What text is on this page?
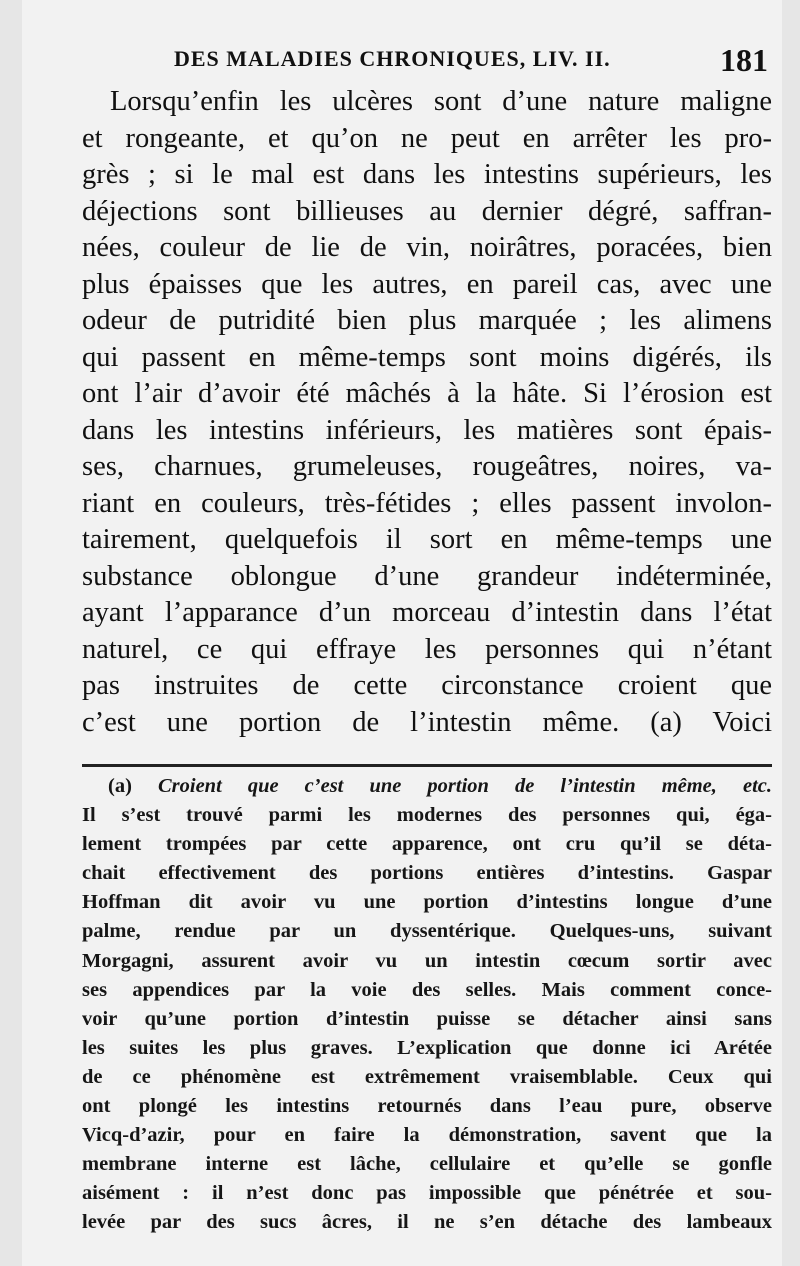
DES MALADIES CHRONIQUES, LIV. II.	181
Lorsqu’enfin les ulcères sont d’une nature maligne
et rongeante, et qu’on ne peut en arrêter les pro-
grès ; si le mal est dans les intestins supérieurs, les
déjections sont billieuses au dernier dégré, saffran-
nées, couleur de lie de vin, noirâtres, poracées, bien
plus épaisses que les autres, en pareil cas, avec une
odeur de putridité bien plus marquée ; les alimens
qui passent en même-temps sont moins digérés, ils
ont l’air d’avoir été mâchés à la hâte. Si l’érosion est
dans les intestins inférieurs, les matières sont épais-
ses, charnues, grumeleuses, rougeâtres, noires, va-
riant en couleurs, très-fétides ; elles passent involon-
tairement, quelquefois il sort en même-temps une
substance oblongue d’une grandeur indéterminée,
ayant l’apparance d’un morceau d’intestin dans l’état
naturel, ce qui effraye les personnes qui n’étant
pas instruites de cette circonstance croient que
c’est une portion de l’intestin même. (a) Voici
(a) Croient que c’est une portion de l’intestin même, etc.
Il s’est trouvé parmi les modernes des personnes qui, éga-
lement trompées par cette apparence, ont cru qu’il se déta-
chait effectivement des portions entières d’intestins. Gaspar
Hoffman dit avoir vu une portion d’intestins longue d’une
palme, rendue par un dyssentérique. Quelques-uns, suivant
Morgagni, assurent avoir vu un intestin cœcum sortir avec
ses appendices par la voie des selles. Mais comment conce-
voir qu’une portion d’intestin puisse se détacher ainsi sans
les suites les plus graves. L’explication que donne ici Arétée
de ce phénomène est extrêmement vraisemblable. Ceux qui
ont plongé les intestins retournés dans l’eau pure, observe
Vicq-d’azir, pour en faire la démonstration, savent que la
membrane interne est lâche, cellulaire et qu’elle se gonfle
aisément : il n’est donc pas impossible que pénétrée et sou-
levée par des sucs âcres, il ne s’en détache des lambeaux
